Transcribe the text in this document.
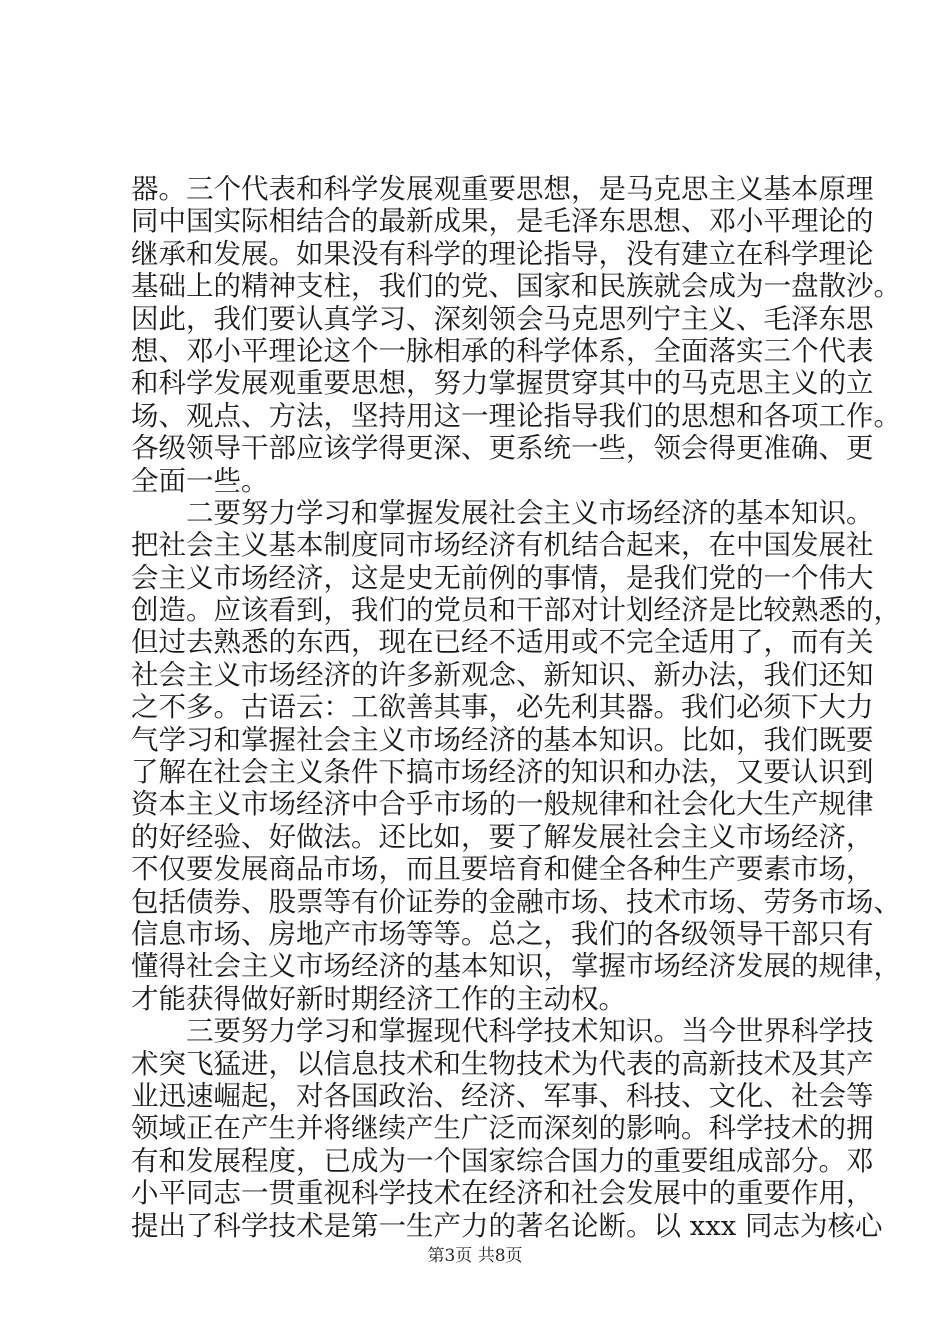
器。三个代表和科学发展观重要思想，是马克思主义基本原理
同中国实际相结合的最新成果，是毛泽东思想、邓小平理论的
继承和发展。如果没有科学的理论指导，没有建立在科学理论
基础上的精神支柱，我们的党、国家和民族就会成为一盘散沙。
因此，我们要认真学习、深刻领会马克思列宁主义、毛泽东思
想、邓小平理论这个一脉相承的科学体系，全面落实三个代表
和科学发展观重要思想，努力掌握贯穿其中的马克思主义的立
场、观点、方法，坚持用这一理论指导我们的思想和各项工作。
各级领导干部应该学得更深、更系统一些，领会得更准确、更
全面一些。
二要努力学习和掌握发展社会主义市场经济的基本知识。
把社会主义基本制度同市场经济有机结合起来，在中国发展社
会主义市场经济，这是史无前例的事情，是我们党的一个伟大
创造。应该看到，我们的党员和干部对计划经济是比较熟悉的，
但过去熟悉的东西，现在已经不适用或不完全适用了，而有关
社会主义市场经济的许多新观念、新知识、新办法，我们还知
之不多。古语云：工欲善其事，必先利其器。我们必须下大力
气学习和掌握社会主义市场经济的基本知识。比如，我们既要
了解在社会主义条件下搞市场经济的知识和办法，又要认识到
资本主义市场经济中合乎市场的一般规律和社会化大生产规律
的好经验、好做法。还比如，要了解发展社会主义市场经济，
不仅要发展商品市场，而且要培育和健全各种生产要素市场，
包括债券、股票等有价证券的金融市场、技术市场、劳务市场、
信息市场、房地产市场等等。总之，我们的各级领导干部只有
懂得社会主义市场经济的基本知识，掌握市场经济发展的规律，
才能获得做好新时期经济工作的主动权。
三要努力学习和掌握现代科学技术知识。当今世界科学技
术突飞猛进，以信息技术和生物技术为代表的高新技术及其产
业迅速崛起，对各国政治、经济、军事、科技、文化、社会等
领域正在产生并将继续产生广泛而深刻的影响。科学技术的拥
有和发展程度，已成为一个国家综合国力的重要组成部分。邓
小平同志一贯重视科学技术在经济和社会发展中的重要作用，
提出了科学技术是第一生产力的著名论断。以 xxx 同志为核心
第3页 共8页
